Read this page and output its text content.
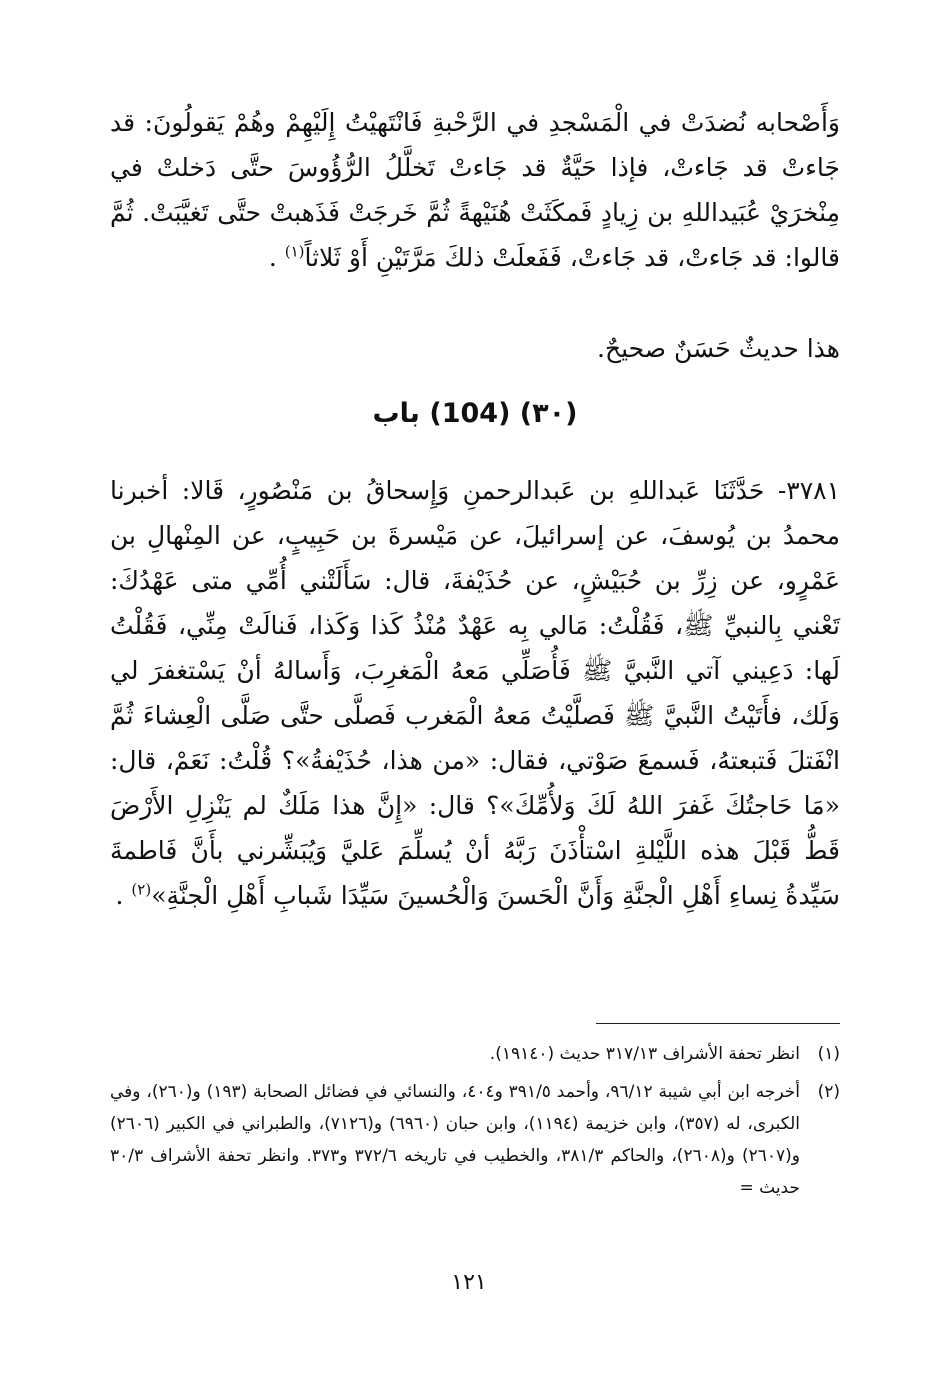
وَأَصْحابه نُضدَتْ في الْمَسْجدِ في الرَّحْبةِ فَانْتَهيْتُ إِلَيْهِمْ وهُمْ يَقولُونَ: قد جَاءتْ قد جَاءتْ، فإذا حَيَّةٌ قد جَاءتْ تَخلَّلُ الرُّؤُوسَ حتَّى دَخلتْ في مِنْخرَيْ عُبَيداللهِ بن زِيادٍ فَمكَثَتْ هُنَيْهةً ثُمَّ خَرجَتْ فَذَهبتْ حتَّى تَغيَّبَتْ. ثُمَّ قالوا: قد جَاءتْ، قد جَاءتْ، فَفَعلَتْ ذلكَ مَرَّتَيْنِ أَوْ ثَلاثاً$^{(١)}$ .

هذا حديثٌ حَسَنٌ صحيحٌ.

(٣٠) (104) باب

٣٧٨١- حَدَّثَنَا عَبداللهِ بن عَبدالرحمنِ وَإِسحاقُ بن مَنْصُورٍ، قَالا: أخبرنا محمدُ بن يُوسفَ، عن إسرائيلَ، عن مَيْسرةَ بن حَبِيبٍ، عن المِنْهالِ بن عَمْرٍو، عن زِرِّ بن حُبَيْشٍ، عن حُذَيْفةَ، قال: سَأَلَتْني أُمِّي متى عَهْدُكَ: تَعْني بِالنبيِّ ﷺ، فَقُلْتُ: مَالي بِه عَهْدٌ مُنْذُ كَذا وَكَذا، فَنالَتْ مِنِّي، فَقُلْتُ لَها: دَعِيني آتي النَّبيَّ ﷺ فَأُصَلِّي مَعهُ الْمَغرِبَ، وَأَسالهُ أنْ يَسْتغفرَ لي وَلَك، فأَتَيْتُ النَّبيَّ ﷺ فَصلَّيْتُ مَعهُ الْمَغرب فَصلَّى حتَّى صَلَّى الْعِشاءَ ثُمَّ انْفَتلَ فَتبعتهُ، فَسمعَ صَوْتي، فقال: «من هذا، حُذَيْفةُ»؟ قُلْتُ: نَعَمْ، قال: «مَا حَاجتُكَ غَفرَ اللهُ لَكَ وَلأُمِّكَ»؟ قال: «إِنَّ هذا مَلَكٌ لم يَنْزِلِ الأَرْضَ قَطُّ قَبْلَ هذه اللَّيْلةِ اسْتأْذَنَ رَبَّهُ أنْ يُسلِّمَ عَليَّ وَيُبَشِّرني بأَنَّ فَاطمةَ سَيِّدةُ نِساءِ أَهْلِ الْجنَّةِ وَأَنَّ الْحَسنَ وَالْحُسينَ سَيِّدَا شَبابِ أَهْلِ الْجنَّةِ»$^{(٢)}$ .

(١)
انظر تحفة الأشراف ٣١٧/١٣ حديث (١٩١٤٠).
(٢)
أخرجه ابن أبي شيبة ٩٦/١٢، وأحمد ٣٩١/٥ و٤٠٤، والنسائي في فضائل الصحابة (١٩٣) و(٢٦٠)، وفي الكبرى، له (٣٥٧)، وابن خزيمة (١١٩٤)، وابن حبان (٦٩٦٠) و(٧١٢٦)، والطبراني في الكبير (٢٦٠٦) و(٢٦٠٧) و(٢٦٠٨)، والحاكم ٣٨١/٣، والخطيب في تاريخه ٣٧٢/٦ و٣٧٣. وانظر تحفة الأشراف ٣٠/٣ حديث =
١٢١
